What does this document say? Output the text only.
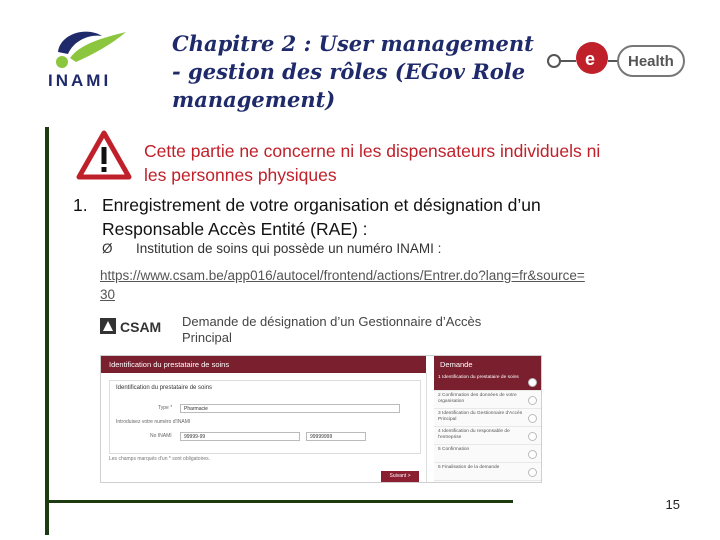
INAMI
Chapitre 2 : User management
- gestion des rôles (EGov Role
management)
e Health
Cette partie ne concerne ni les dispensateurs individuels ni
les personnes physiques
1. Enregistrement de votre organisation et désignation d’un
Responsable Accès Entité (RAE) :
Ø Institution de soins qui possède un numéro INAMI :
https://www.csam.be/app016/autocel/frontend/actions/Entrer.do?lang=fr&source=
30
CSAM Demande de désignation d’un Gestionnaire d’Accès
Principal
Identification du prestataire de soins
Identification du prestataire de soins
Type *	Pharmacie
Introduisez votre numéro d'INAMI
No INAMI	99999-99	99999999
Les champs marqués d'un * sont obligatoires.
Suivant >
Demande
1 Identification du prestataire de soins
2 Confirmation des données de votre organisation
3 Identification du Gestionnaire d'Accès Principal
4 Identification du responsable de l'entreprise
5 Confirmation
6 Finalisation de la demande
15
